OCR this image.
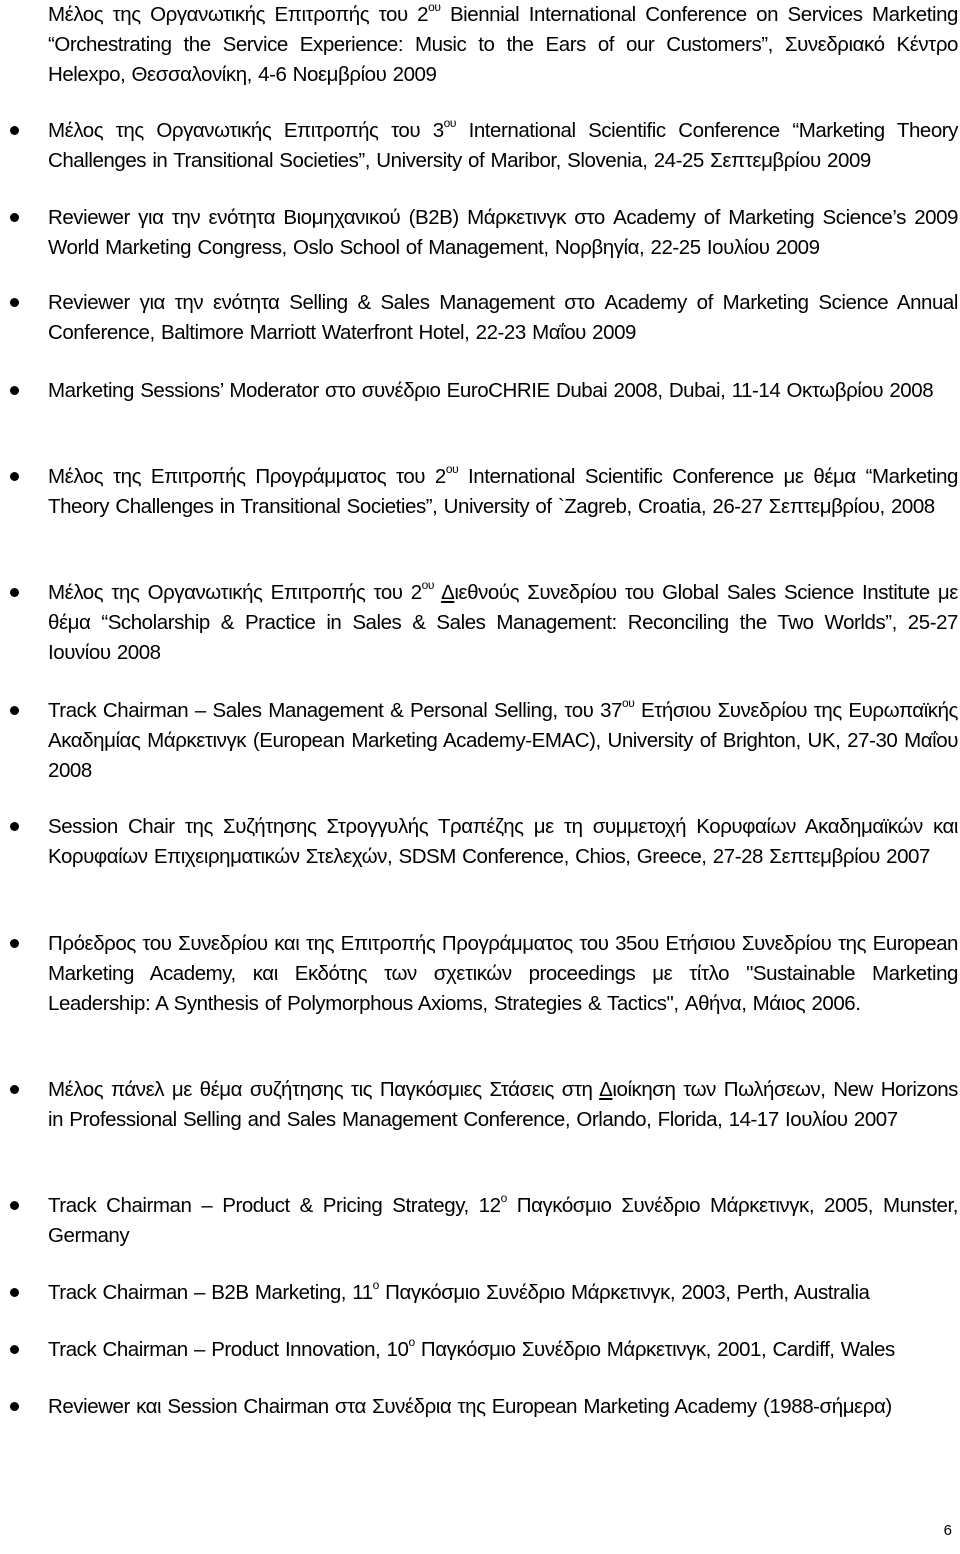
Μέλος της Οργανωτικής Επιτροπής του $2^{o\upsilon}$ Biennial International Conference on Services Marketing “Orchestrating the Service Experience: Music to the Ears of our Customers”, Συνεδριακό Κέντρο Helexpo, Θεσσαλονίκη, 4-6 Νοεμβρίου 2009
Μέλος της Οργανωτικής Επιτροπής του $3^{o\upsilon}$ International Scientific Conference “Marketing Theory Challenges in Transitional Societies”, University of Maribor, Slovenia, 24-25 Σεπτεμβρίου 2009
Reviewer για την ενότητα Βιομηχανικού (B2B) Μάρκετινγκ στο Academy of Marketing Science’s 2009 World Marketing Congress, Oslo School of Management, Νορβηγία, 22-25 Ιουλίου 2009
Reviewer για την ενότητα Selling & Sales Management στο Academy of Marketing Science Annual Conference, Baltimore Marriott Waterfront Hotel, 22-23 Μαΐου 2009
Marketing Sessions’ Moderator στο συνέδριο EuroCHRIE Dubai 2008, Dubai, 11-14 Οκτωβρίου 2008
Μέλος της Επιτροπής Προγράμματος του $2^{o\upsilon}$ International Scientific Conference με θέμα “Marketing Theory Challenges in Transitional Societies”, University of `Zagreb, Croatia, 26-27 Σεπτεμβρίου, 2008
Μέλος της Οργανωτικής Επιτροπής του $2^{o\upsilon}$ Διεθνούς Συνεδρίου του Global Sales Science Institute με θέμα “Scholarship & Practice in Sales & Sales Management: Reconciling the Two Worlds”, 25-27 Ιουνίου 2008
Track Chairman – Sales Management & Personal Selling, του $37^{o\upsilon}$ Ετήσιου Συνεδρίου της Ευρωπαϊκής Ακαδημίας Μάρκετινγκ (European Marketing Academy-EMAC), University of Brighton, UK, 27-30 Μαΐου 2008
Session Chair της Συζήτησης Στρογγυλής Τραπέζης με τη συμμετοχή Κορυφαίων Ακαδημαϊκών και Κορυφαίων Επιχειρηματικών Στελεχών, SDSM Conference, Chios, Greece, 27-28 Σεπτεμβρίου 2007
Πρόεδρος του Συνεδρίου και της Επιτροπής Προγράμματος του 35ου Ετήσιου Συνεδρίου της European Marketing Academy, και Εκδότης των σχετικών proceedings με τίτλο "Sustainable Marketing Leadership: A Synthesis of Polymorphous Axioms, Strategies & Tactics", Αθήνα, Μάιος 2006.
Μέλος πάνελ με θέμα συζήτησης τις Παγκόσμιες Στάσεις στη Διοίκηση των Πωλήσεων, New Horizons in Professional Selling and Sales Management Conference, Orlando, Florida, 14-17 Ιουλίου 2007
Track Chairman – Product & Pricing Strategy, $12^o$ Παγκόσμιο Συνέδριο Μάρκετινγκ, 2005, Munster, Germany
Track Chairman – B2B Marketing, $11^o$ Παγκόσμιο Συνέδριο Μάρκετινγκ, 2003, Perth, Australia
Track Chairman – Product Innovation, $10^o$ Παγκόσμιο Συνέδριο Μάρκετινγκ, 2001, Cardiff, Wales
Reviewer και Session Chairman στα Συνέδρια της European Marketing Academy (1988-σήμερα)
6
